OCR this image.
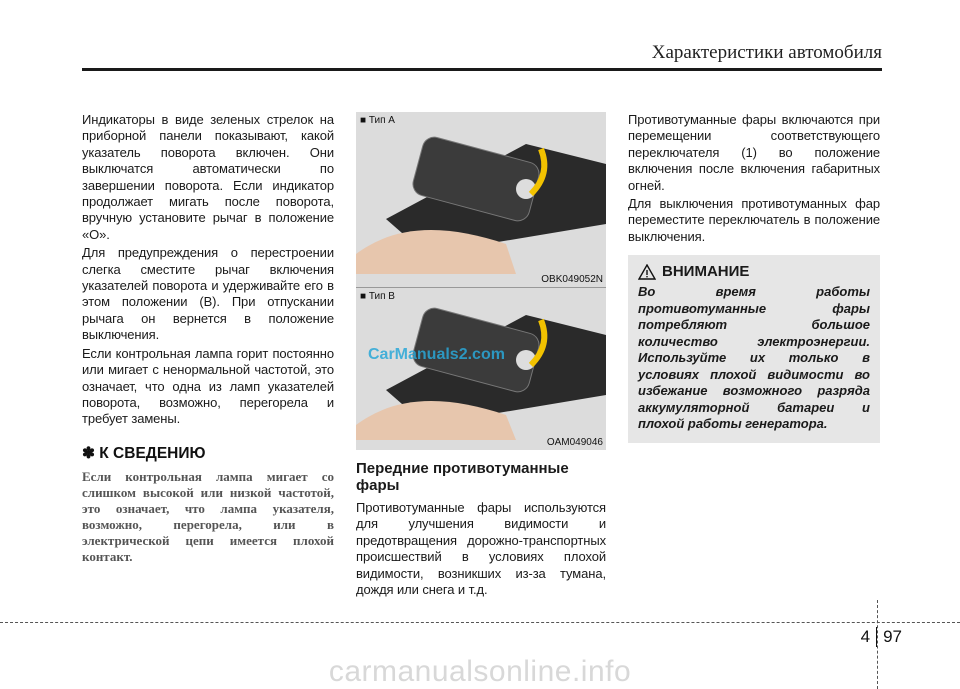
Характеристики автомобиля

Индикаторы в виде зеленых стрелок на приборной панели показывают, какой указатель поворота включен. Они выключатся автоматически по завершении поворота. Если индикатор продолжает мигать после поворота, вручную установите рычаг в положение «O».

Для предупреждения о перестроении слегка сместите рычаг включения указателей поворота и удерживайте его в этом положении (B). При отпускании рычага он вернется в положение выключения.

Если контрольная лампа горит постоянно или мигает с ненормальной частотой, это означает, что одна из ламп указателей поворота, возможно, перегорела и требует замены.

✽ К СВЕДЕНИЮ
Если контрольная лампа мигает со слишком высокой или низкой частотой, это означает, что лампа указателя, возможно, перегорела, или в электрической цепи имеется плохой контакт.
■ Тип A
OBK049052N
■ Тип B
OAM049046
Передние противотуманные фары

Противотуманные фары используются для улучшения видимости и предотвращения дорожно-транспортных происшествий в условиях плохой видимости, возникших из-за тумана, дождя или снега и т.д.

Противотуманные фары включаются при перемещении соответствующего переключателя (1) во положение включения после включения габаритных огней.

Для выключения противотуманных фар переместите переключатель в положение выключения.

ВНИМАНИЕ
Во время работы противотуманные фары потребляют большое количество электроэнергии. Используйте их только в условиях плохой видимости во избежание возможного разряда аккумуляторной батареи и плохой работы генератора.
CarManuals2.com
4 97
carmanualsonline.info
